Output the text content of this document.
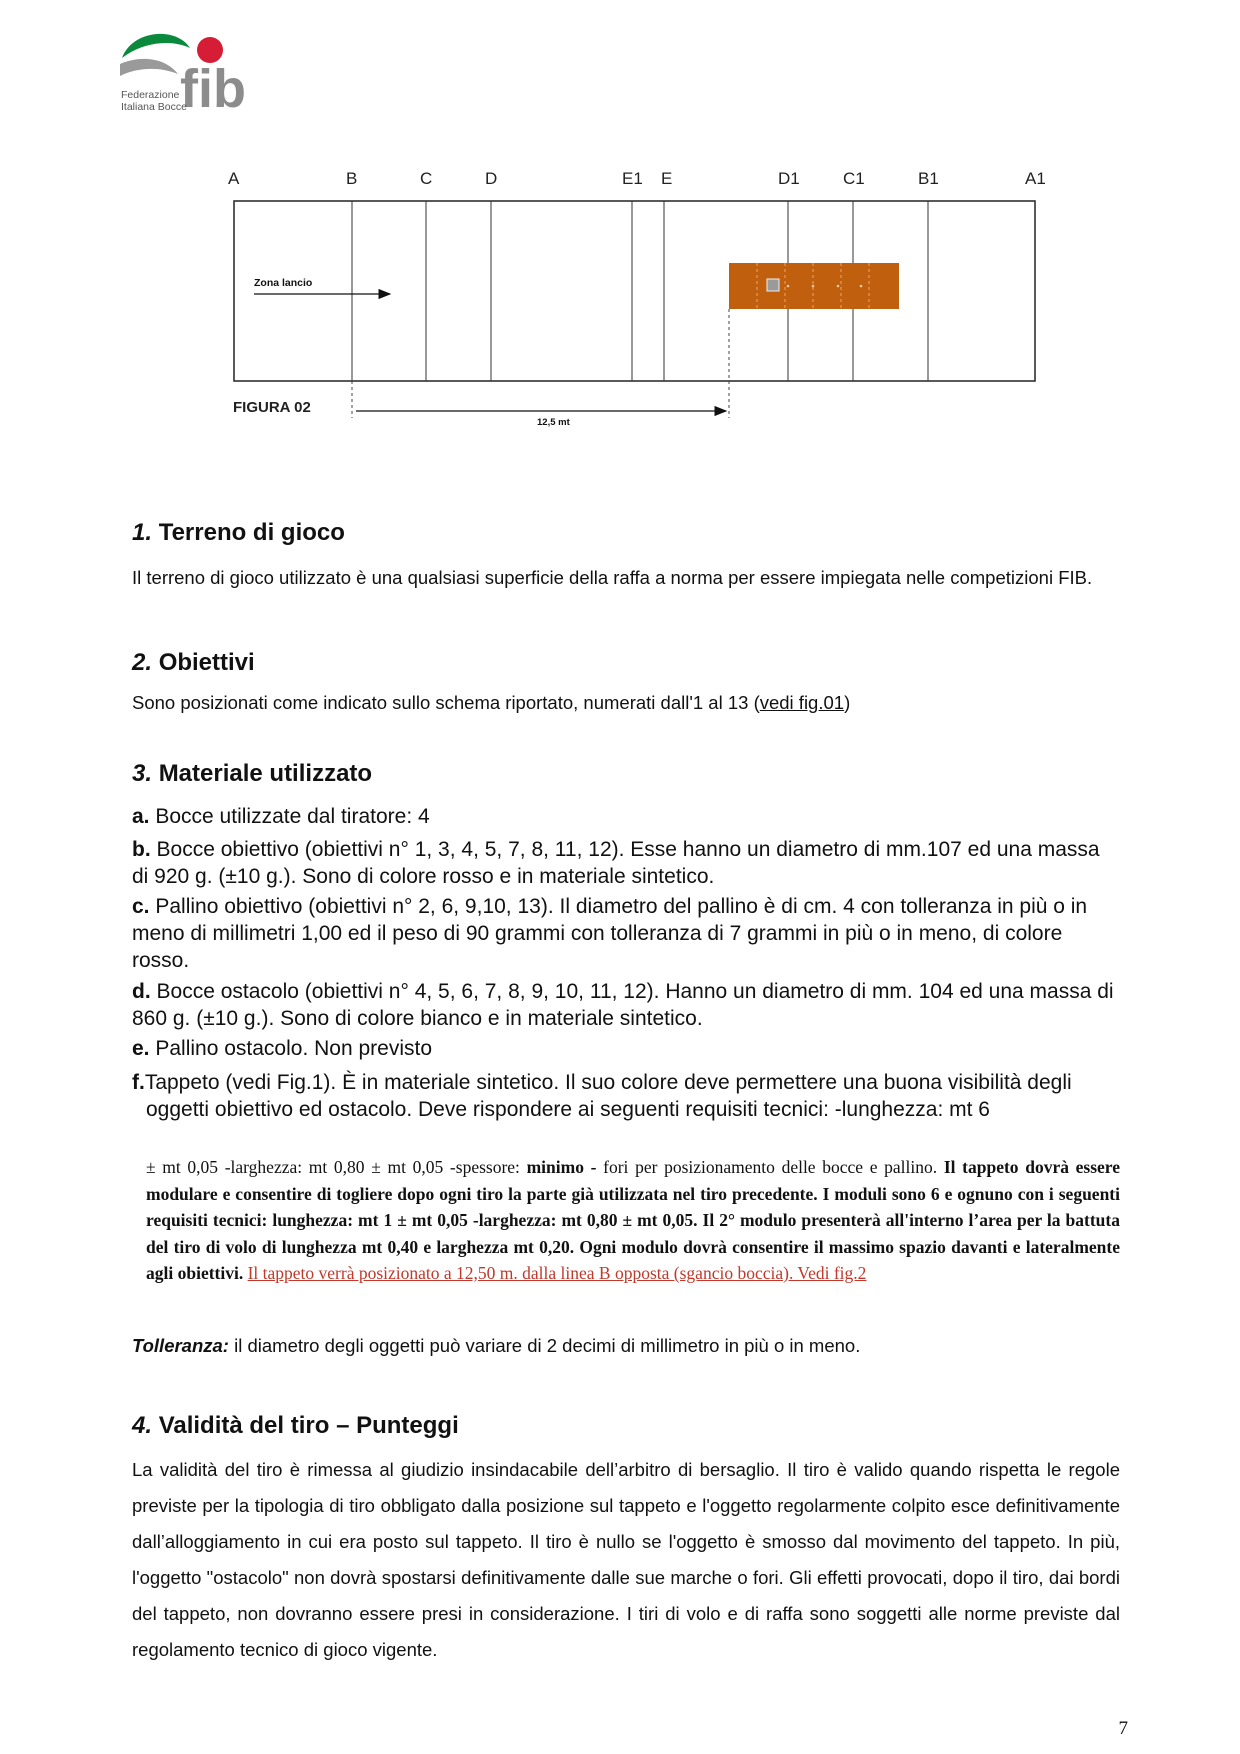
fib
Federazione
Italiana Bocce
A	B	C	D	E1 E	D1	C1	B1	A1
Zona lancio
FIGURA 02
12,5 mt
1. Terreno di gioco

Il terreno di gioco utilizzato è una qualsiasi superficie della raffa a norma per essere impiegata nelle competizioni FIB.

2. Obiettivi

Sono posizionati come indicato sullo schema riportato, numerati dall'1 al 13 (vedi fig.01)

3. Materiale utilizzato

a. Bocce utilizzate dal tiratore: 4

b. Bocce obiettivo (obiettivi n° 1, 3, 4, 5, 7, 8, 11, 12). Esse hanno un diametro di mm.107 ed una massa di 920 g. (±10 g.). Sono di colore rosso e in materiale sintetico.

c. Pallino obiettivo (obiettivi n° 2, 6, 9,10, 13). Il diametro del pallino è di cm. 4 con tolleranza in più o in meno di millimetri 1,00 ed il peso di 90 grammi con tolleranza di 7 grammi in più o in meno, di colore rosso.

d. Bocce ostacolo (obiettivi n° 4, 5, 6, 7, 8, 9, 10, 11, 12). Hanno un diametro di mm. 104 ed una massa di 860 g. (±10 g.). Sono di colore bianco e in materiale sintetico.

e. Pallino ostacolo. Non previsto

f.Tappeto (vedi Fig.1). È in materiale sintetico. Il suo colore deve permettere una buona visibilità degli oggetti obiettivo ed ostacolo. Deve rispondere ai seguenti requisiti tecnici: -lunghezza: mt 6

± mt 0,05 -larghezza: mt 0,80 ± mt 0,05 -spessore: minimo - fori per posizionamento delle bocce e pallino. Il tappeto dovrà essere modulare e consentire di togliere dopo ogni tiro la parte già utilizzata nel tiro precedente. I moduli sono 6 e ognuno con i seguenti requisiti tecnici: lunghezza: mt 1 ± mt 0,05 -larghezza: mt 0,80 ± mt 0,05. Il 2° modulo presenterà all'interno l’area per la battuta del tiro di volo di lunghezza mt 0,40 e larghezza mt 0,20. Ogni modulo dovrà consentire il massimo spazio davanti e lateralmente agli obiettivi. Il tappeto verrà posizionato a 12,50 m. dalla linea B opposta (sgancio boccia). Vedi fig.2

Tolleranza: il diametro degli oggetti può variare di 2 decimi di millimetro in più o in meno.

4. Validità del tiro – Punteggi

La validità del tiro è rimessa al giudizio insindacabile dell’arbitro di bersaglio. Il tiro è valido quando rispetta le regole previste per la tipologia di tiro obbligato dalla posizione sul tappeto e l'oggetto regolarmente colpito esce definitivamente dall’alloggiamento in cui era posto sul tappeto. Il tiro è nullo se l'oggetto è smosso dal movimento del tappeto. In più, l'oggetto "ostacolo" non dovrà spostarsi definitivamente dalle sue marche o fori. Gli effetti provocati, dopo il tiro, dai bordi del tappeto, non dovranno essere presi in considerazione. I tiri di volo e di raffa sono soggetti alle norme previste dal regolamento tecnico di gioco vigente.

7
